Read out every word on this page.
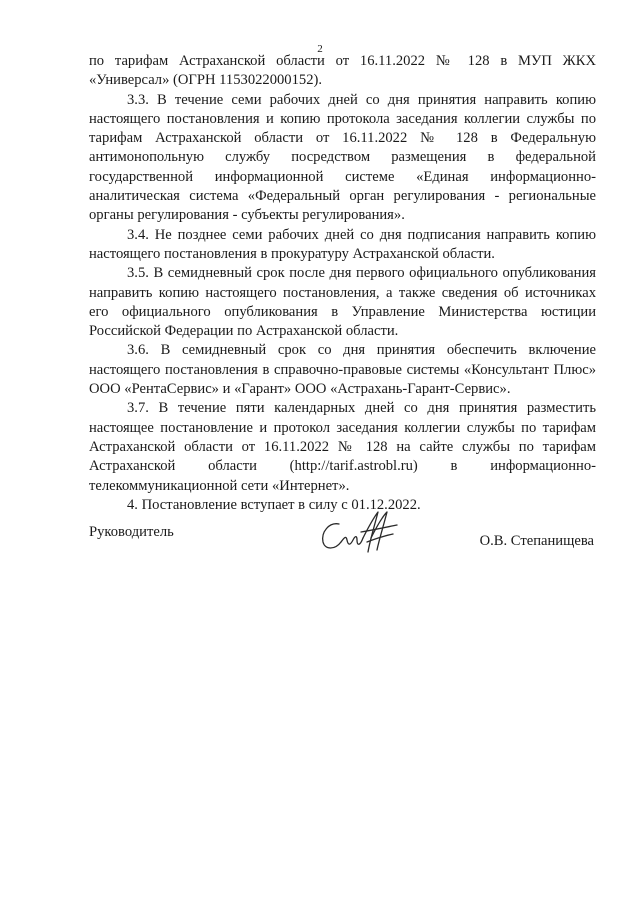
2

по тарифам Астраханской области от 16.11.2022 № 128 в МУП ЖКХ «Универсал» (ОГРН 1153022000152).

3.3. В течение семи рабочих дней со дня принятия направить копию настоящего постановления и копию протокола заседания коллегии службы по тарифам Астраханской области от 16.11.2022 № 128 в Федеральную антимонопольную службу посредством размещения в федеральной государственной информационной системе «Единая информационно-аналитическая система «Федеральный орган регулирования - региональные органы регулирования - субъекты регулирования».

3.4. Не позднее семи рабочих дней со дня подписания направить копию настоящего постановления в прокуратуру Астраханской области.

3.5. В семидневный срок после дня первого официального опубликования направить копию настоящего постановления, а также сведения об источниках его официального опубликования в Управление Министерства юстиции Российской Федерации по Астраханской области.

3.6. В семидневный срок со дня принятия обеспечить включение настоящего постановления в справочно-правовые системы «Консультант Плюс» ООО «РентаСервис» и «Гарант» ООО «Астрахань-Гарант-Сервис».

3.7. В течение пяти календарных дней со дня принятия разместить настоящее постановление и протокол заседания коллегии службы по тарифам Астраханской области от 16.11.2022 № 128 на сайте службы по тарифам Астраханской области (http://tarif.astrobl.ru) в информационно-телекоммуникационной сети «Интернет».

4. Постановление вступает в силу с 01.12.2022.

Руководитель
О.В. Степанищева
